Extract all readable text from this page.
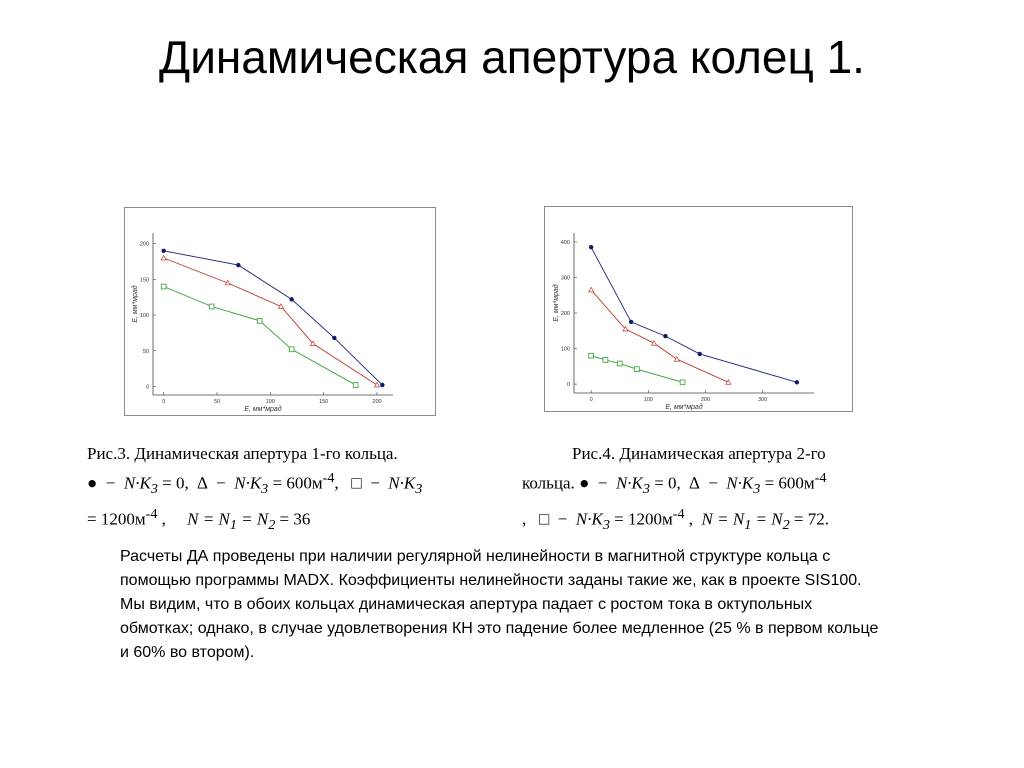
Динамическая апертура колец 1.
0
50
100
150
200
0	50	100	150	200
E, мм*мрад
E, мм*мрад
0
100
200
300
400
0	100	200	300
E, мм*мрад
E, мм*мрад
Рис.3. Динамическая апертура 1-го кольца.
● − $N\cdot K_3 = 0$, ∆ − $N\cdot K_3 = 600м^{-4}$, □ − $N\cdot K_3$
= $1200м^{-4}$ , $N = N_1 = N_2 = 36$
Рис.4. Динамическая апертура 2-го
кольца. ● − $N\cdot K_3 = 0$, ∆ − $N\cdot K_3 = 600м^{-4}$
, □ − $N\cdot K_3 = 1200м^{-4}$ , $N = N_1 = N_2 = 72$.
Расчеты ДА проведены при наличии регулярной нелинейности в магнитной структуре кольца с помощью программы MADX. Коэффициенты нелинейности заданы такие же, как в проекте SIS100. Мы видим, что в обоих кольцах динамическая апертура падает с ростом тока в октупольных обмотках; однако, в случае удовлетворения КН это падение более медленное (25 % в первом кольце и 60% во втором).
